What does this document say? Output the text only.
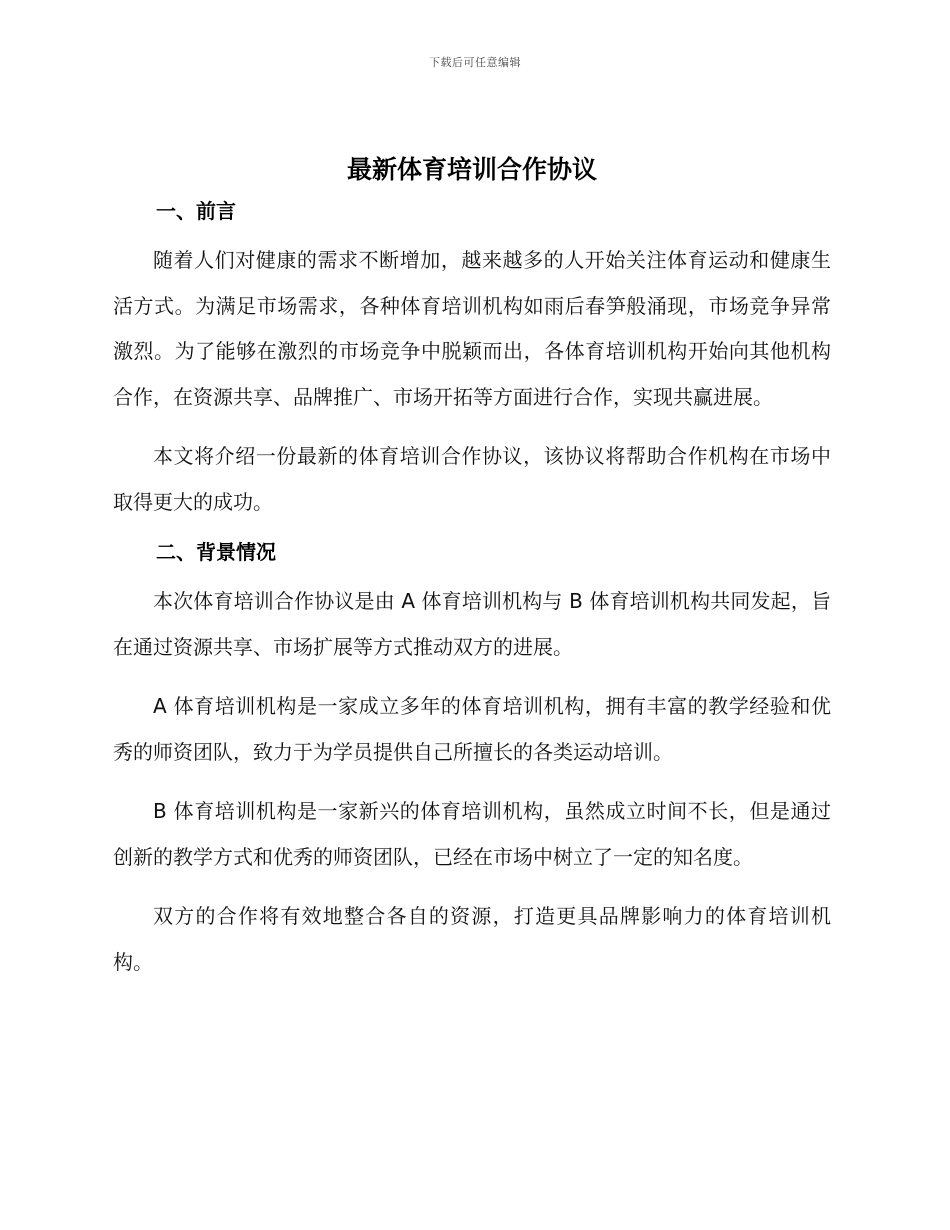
下载后可任意编辑
最新体育培训合作协议
一、前言

随着人们对健康的需求不断增加，越来越多的人开始关注体育运动和健康生活方式。为满足市场需求，各种体育培训机构如雨后春笋般涌现，市场竞争异常激烈。为了能够在激烈的市场竞争中脱颖而出，各体育培训机构开始向其他机构合作，在资源共享、品牌推广、市场开拓等方面进行合作，实现共赢进展。

本文将介绍一份最新的体育培训合作协议，该协议将帮助合作机构在市场中取得更大的成功。

二、背景情况

本次体育培训合作协议是由 A 体育培训机构与 B 体育培训机构共同发起，旨在通过资源共享、市场扩展等方式推动双方的进展。

A 体育培训机构是一家成立多年的体育培训机构，拥有丰富的教学经验和优秀的师资团队，致力于为学员提供自己所擅长的各类运动培训。

B 体育培训机构是一家新兴的体育培训机构，虽然成立时间不长，但是通过创新的教学方式和优秀的师资团队，已经在市场中树立了一定的知名度。

双方的合作将有效地整合各自的资源，打造更具品牌影响力的体育培训机构。
